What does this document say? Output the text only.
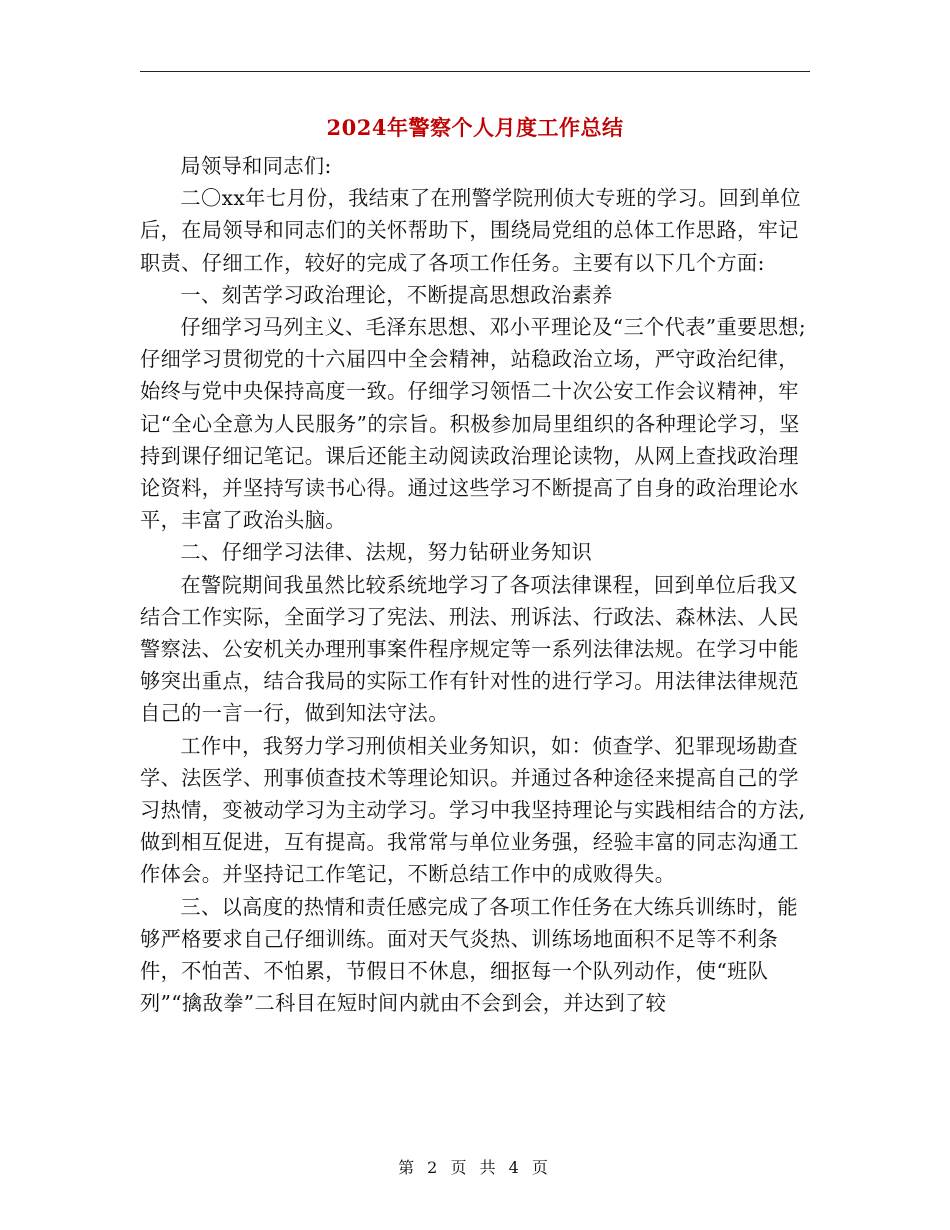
2024年警察个人月度工作总结

局领导和同志们:

二〇xx年七月份，我结束了在刑警学院刑侦大专班的学习。回到单位后，在局领导和同志们的关怀帮助下，围绕局党组的总体工作思路，牢记职责、仔细工作，较好的完成了各项工作任务。主要有以下几个方面:

一、刻苦学习政治理论，不断提高思想政治素养

仔细学习马列主义、毛泽东思想、邓小平理论及“三个代表”重要思想;仔细学习贯彻党的十六届四中全会精神，站稳政治立场，严守政治纪律，始终与党中央保持高度一致。仔细学习领悟二十次公安工作会议精神，牢记“全心全意为人民服务”的宗旨。积极参加局里组织的各种理论学习，坚持到课仔细记笔记。课后还能主动阅读政治理论读物，从网上查找政治理论资料，并坚持写读书心得。通过这些学习不断提高了自身的政治理论水平，丰富了政治头脑。

二、仔细学习法律、法规，努力钻研业务知识

在警院期间我虽然比较系统地学习了各项法律课程，回到单位后我又结合工作实际，全面学习了宪法、刑法、刑诉法、行政法、森林法、人民警察法、公安机关办理刑事案件程序规定等一系列法律法规。在学习中能够突出重点，结合我局的实际工作有针对性的进行学习。用法律法律规范自己的一言一行，做到知法守法。

工作中，我努力学习刑侦相关业务知识，如：侦查学、犯罪现场勘查学、法医学、刑事侦查技术等理论知识。并通过各种途径来提高自己的学习热情，变被动学习为主动学习。学习中我坚持理论与实践相结合的方法,做到相互促进，互有提高。我常常与单位业务强，经验丰富的同志沟通工作体会。并坚持记工作笔记，不断总结工作中的成败得失。

三、以高度的热情和责任感完成了各项工作任务在大练兵训练时，能够严格要求自己仔细训练。面对天气炎热、训练场地面积不足等不利条件，不怕苦、不怕累，节假日不休息，细抠每一个队列动作，使“班队列”“擒敌拳”二科目在短时间内就由不会到会，并达到了较

第 2 页 共 4 页
